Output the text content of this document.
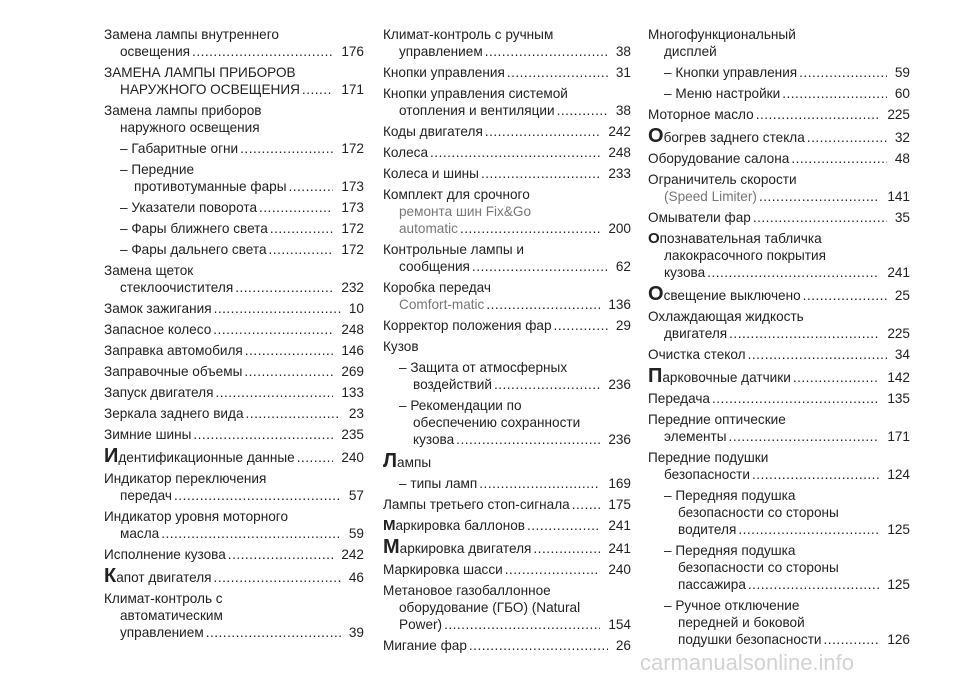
Замена лампы внутреннего
освещения .....	176
ЗАМЕНА ЛАМПЫ ПРИБОРОВ
НАРУЖНОГО ОСВЕЩЕНИЯ .....	171
Замена лампы приборов
наружного освещения
– Габаритные огни .....	172
– Передние
противотуманные фары .....	173
– Указатели поворота .....	173
– Фары ближнего света .....	172
– Фары дальнего света .....	172
Замена щеток
стеклоочистителя .....	232
Замок зажигания .....	10
Запасное колесо .....	248
Заправка автомобиля .....	146
Заправочные объемы .....	269
Запуск двигателя .....	133
Зеркала заднего вида .....	23
Зимние шины .....	235
Идентификационные данные .....	240
Индикатор переключения
передач .....	57
Индикатор уровня моторного
масла .....	59
Исполнение кузова .....	242
Капот двигателя .....	46
Климат-контроль с
автоматическим
управлением .....	39
Климат-контроль с ручным
управлением .....	38
Кнопки управления .....	31
Кнопки управления системой
отопления и вентиляции .....	38
Коды двигателя .....	242
Колеса .....	248
Колеса и шины .....	233
Комплект для срочного
ремонта шин Fix&Go
automatic .....	200
Контрольные лампы и
сообщения .....	62
Коробка передач
Comfort-matic .....	136
Корректор положения фар .....	29
Кузов
– Защита от атмосферных
воздействий .....	236
– Рекомендации по
обеспечению сохранности
кузова .....	236
Лампы
– типы ламп .....	169
Лампы третьего стоп-сигнала .....	175
Маркировка баллонов .....	241
Маркировка двигателя .....	241
Маркировка шасси .....	240
Метановое газобаллонное
оборудование (ГБО) (Natural
Power) .....	154
Мигание фар .....	26
Многофункциональный
дисплей
– Кнопки управления .....	59
– Меню настройки .....	60
Моторное масло .....	225
Обогрев заднего стекла .....	32
Оборудование салона .....	48
Ограничитель скорости
(Speed Limiter) .....	141
Омыватели фар .....	35
Опознавательная табличка
лакокрасочного покрытия
кузова .....	241
Освещение выключено .....	25
Охлаждающая жидкость
двигателя .....	225
Очистка стекол .....	34
Парковочные датчики .....	142
Передача .....	135
Передние оптические
элементы .....	171
Передние подушки
безопасности .....	124
– Передняя подушка
безопасности со стороны
водителя .....	125
– Передняя подушка
безопасности со стороны
пассажира .....	125
– Ручное отключение
передней и боковой
подушки безопасности .....	126
carmanualsonline.info
